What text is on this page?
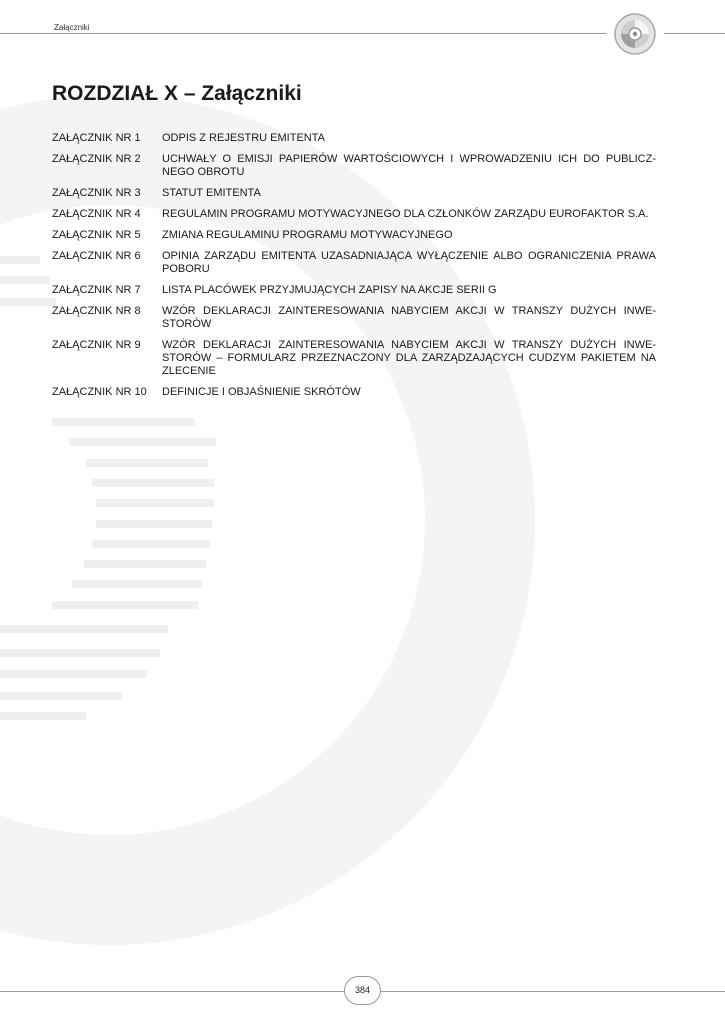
Załączniki
ROZDZIAŁ X – Załączniki
ZAŁĄCZNIK NR 1	ODPIS Z REJESTRU EMITENTA
ZAŁĄCZNIK NR 2	UCHWAŁY O EMISJI PAPIERÓW WARTOŚCIOWYCH I WPROWADZENIU ICH DO PUBLICZ-NEGO OBROTU
ZAŁĄCZNIK NR 3	STATUT EMITENTA
ZAŁĄCZNIK NR 4	REGULAMIN PROGRAMU MOTYWACYJNEGO DLA CZŁONKÓW ZARZĄDU EUROFAKTOR S.A.
ZAŁĄCZNIK NR 5	ZMIANA REGULAMINU PROGRAMU MOTYWACYJNEGO
ZAŁĄCZNIK NR 6	OPINIA ZARZĄDU EMITENTA UZASADNIAJĄCA WYŁĄCZENIE ALBO OGRANICZENIA PRAWA POBORU
ZAŁĄCZNIK NR 7	LISTA PLACÓWEK PRZYJMUJĄCYCH ZAPISY NA AKCJE SERII G
ZAŁĄCZNIK NR 8	WZÓR DEKLARACJI ZAINTERESOWANIA NABYCIEM AKCJI W TRANSZY DUŻYCH INWE-STORÓW
ZAŁĄCZNIK NR 9	WZÓR DEKLARACJI ZAINTERESOWANIA NABYCIEM AKCJI W TRANSZY DUŻYCH INWE-STORÓW – FORMULARZ PRZEZNACZONY DLA ZARZĄDZAJĄCYCH CUDZYM PAKIETEM NA ZLECENIE
ZAŁĄCZNIK NR 10	DEFINICJE I OBJAŚNIENIE SKRÓTÓW
384
